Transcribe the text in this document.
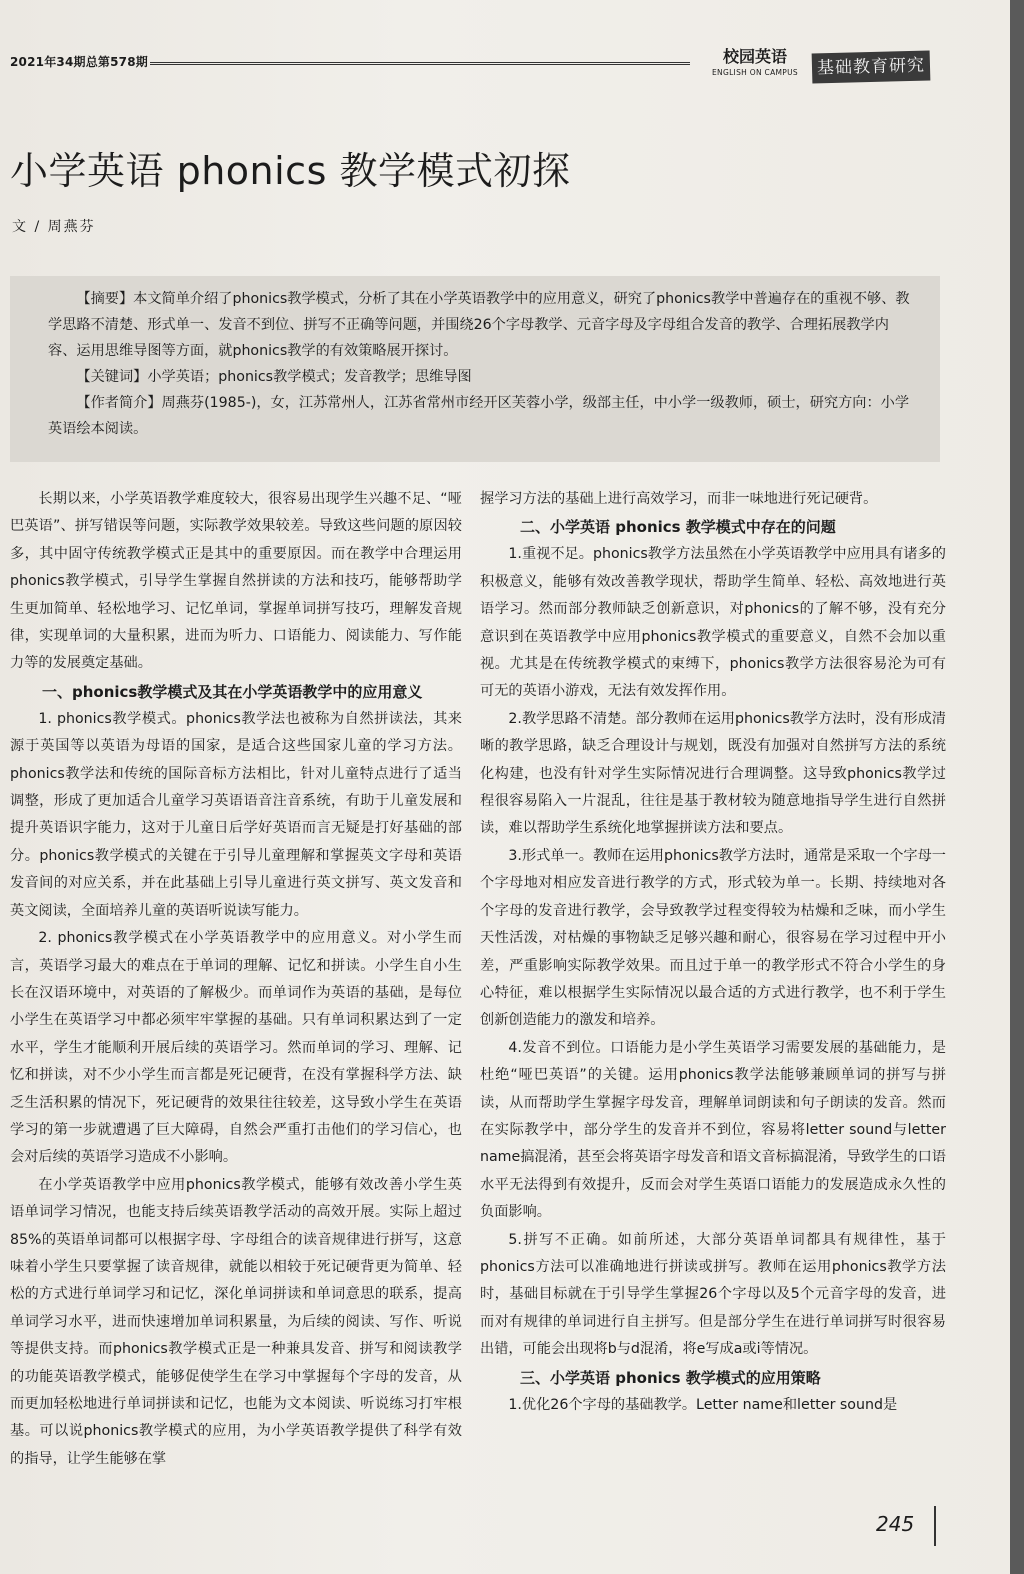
2021年34期总第578期	校园英语
ENGLISH ON CAMPUS	基础教育研究
小学英语 phonics 教学模式初探
文 / 周燕芬

【摘要】本文简单介绍了phonics教学模式，分析了其在小学英语教学中的应用意义，研究了phonics教学中普遍存在的重视不够、教学思路不清楚、形式单一、发音不到位、拼写不正确等问题，并围绕26个字母教学、元音字母及字母组合发音的教学、合理拓展教学内容、运用思维导图等方面，就phonics教学的有效策略展开探讨。

【关键词】小学英语；phonics教学模式；发音教学；思维导图

【作者简介】周燕芬(1985-)，女，江苏常州人，江苏省常州市经开区芙蓉小学，级部主任，中小学一级教师，硕士，研究方向：小学英语绘本阅读。

长期以来，小学英语教学难度较大，很容易出现学生兴趣不足、“哑巴英语”、拼写错误等问题，实际教学效果较差。导致这些问题的原因较多，其中固守传统教学模式正是其中的重要原因。而在教学中合理运用phonics教学模式，引导学生掌握自然拼读的方法和技巧，能够帮助学生更加简单、轻松地学习、记忆单词，掌握单词拼写技巧，理解发音规律，实现单词的大量积累，进而为听力、口语能力、阅读能力、写作能力等的发展奠定基础。

一、phonics教学模式及其在小学英语教学中的应用意义

1. phonics教学模式。phonics教学法也被称为自然拼读法，其来源于英国等以英语为母语的国家，是适合这些国家儿童的学习方法。phonics教学法和传统的国际音标方法相比，针对儿童特点进行了适当调整，形成了更加适合儿童学习英语语音注音系统，有助于儿童发展和提升英语识字能力，这对于儿童日后学好英语而言无疑是打好基础的部分。phonics教学模式的关键在于引导儿童理解和掌握英文字母和英语发音间的对应关系，并在此基础上引导儿童进行英文拼写、英文发音和英文阅读，全面培养儿童的英语听说读写能力。

2. phonics教学模式在小学英语教学中的应用意义。对小学生而言，英语学习最大的难点在于单词的理解、记忆和拼读。小学生自小生长在汉语环境中，对英语的了解极少。而单词作为英语的基础，是每位小学生在英语学习中都必须牢牢掌握的基础。只有单词积累达到了一定水平，学生才能顺利开展后续的英语学习。然而单词的学习、理解、记忆和拼读，对不少小学生而言都是死记硬背，在没有掌握科学方法、缺乏生活积累的情况下，死记硬背的效果往往较差，这导致小学生在英语学习的第一步就遭遇了巨大障碍，自然会严重打击他们的学习信心，也会对后续的英语学习造成不小影响。

在小学英语教学中应用phonics教学模式，能够有效改善小学生英语单词学习情况，也能支持后续英语教学活动的高效开展。实际上超过85%的英语单词都可以根据字母、字母组合的读音规律进行拼写，这意味着小学生只要掌握了读音规律，就能以相较于死记硬背更为简单、轻松的方式进行单词学习和记忆，深化单词拼读和单词意思的联系，提高单词学习水平，进而快速增加单词积累量，为后续的阅读、写作、听说等提供支持。而phonics教学模式正是一种兼具发音、拼写和阅读教学的功能英语教学模式，能够促使学生在学习中掌握每个字母的发音，从而更加轻松地进行单词拼读和记忆，也能为文本阅读、听说练习打牢根基。可以说phonics教学模式的应用，为小学英语教学提供了科学有效的指导，让学生能够在掌

握学习方法的基础上进行高效学习，而非一味地进行死记硬背。

二、小学英语 phonics 教学模式中存在的问题

1.重视不足。phonics教学方法虽然在小学英语教学中应用具有诸多的积极意义，能够有效改善教学现状，帮助学生简单、轻松、高效地进行英语学习。然而部分教师缺乏创新意识，对phonics的了解不够，没有充分意识到在英语教学中应用phonics教学模式的重要意义，自然不会加以重视。尤其是在传统教学模式的束缚下，phonics教学方法很容易沦为可有可无的英语小游戏，无法有效发挥作用。

2.教学思路不清楚。部分教师在运用phonics教学方法时，没有形成清晰的教学思路，缺乏合理设计与规划，既没有加强对自然拼写方法的系统化构建，也没有针对学生实际情况进行合理调整。这导致phonics教学过程很容易陷入一片混乱，往往是基于教材较为随意地指导学生进行自然拼读，难以帮助学生系统化地掌握拼读方法和要点。

3.形式单一。教师在运用phonics教学方法时，通常是采取一个字母一个字母地对相应发音进行教学的方式，形式较为单一。长期、持续地对各个字母的发音进行教学，会导致教学过程变得较为枯燥和乏味，而小学生天性活泼，对枯燥的事物缺乏足够兴趣和耐心，很容易在学习过程中开小差，严重影响实际教学效果。而且过于单一的教学形式不符合小学生的身心特征，难以根据学生实际情况以最合适的方式进行教学，也不利于学生创新创造能力的激发和培养。

4.发音不到位。口语能力是小学生英语学习需要发展的基础能力，是杜绝“哑巴英语”的关键。运用phonics教学法能够兼顾单词的拼写与拼读，从而帮助学生掌握字母发音，理解单词朗读和句子朗读的发音。然而在实际教学中，部分学生的发音并不到位，容易将letter sound与letter name搞混淆，甚至会将英语字母发音和语文音标搞混淆，导致学生的口语水平无法得到有效提升，反而会对学生英语口语能力的发展造成永久性的负面影响。

5.拼写不正确。如前所述，大部分英语单词都具有规律性，基于phonics方法可以准确地进行拼读或拼写。教师在运用phonics教学方法时，基础目标就在于引导学生掌握26个字母以及5个元音字母的发音，进而对有规律的单词进行自主拼写。但是部分学生在进行单词拼写时很容易出错，可能会出现将b与d混淆，将e写成a或i等情况。

三、小学英语 phonics 教学模式的应用策略

1.优化26个字母的基础教学。Letter name和letter sound是

245
